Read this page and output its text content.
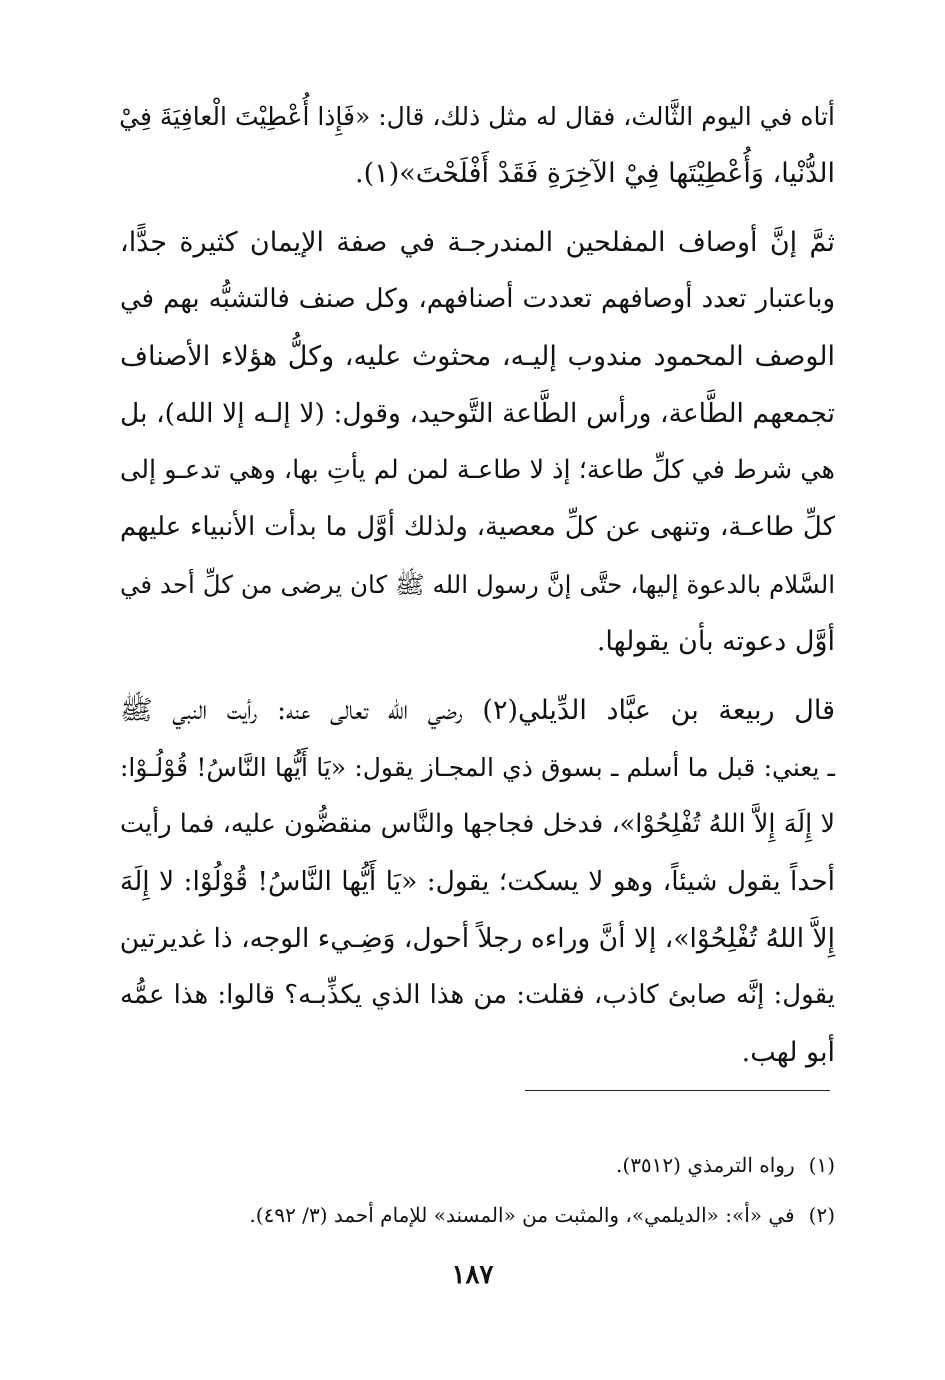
أتاه في اليوم الثَّالث، فقال له مثل ذلك، قال: «فَإِذا أُعْطِيْتَ الْعافِيَةَ فِيْ
الدُّنْيا، وَأُعْطِيْتَها فِيْ الآخِرَةِ فَقَدْ أَفْلَحْتَ»(١).
ثمَّ إنَّ أوصاف المفلحين المندرجـة في صفة الإيمان كثيرة جدًّا،
وباعتبار تعدد أوصافهم تعددت أصنافهم، وكل صنف فالتشبُّه بهم في
الوصف المحمود مندوب إليـه، محثوث عليه، وكلُّ هؤلاء الأصناف
تجمعهم الطَّاعة، ورأس الطَّاعة التَّوحيد، وقول: (لا إلـه إلا الله)، بل
هي شرط في كلِّ طاعة؛ إذ لا طاعـة لمن لم يأتِ بها، وهي تدعـو إلى
كلِّ طاعـة، وتنهى عن كلِّ معصية، ولذلك أوَّل ما بدأت الأنبياء عليهم
السَّلام بالدعوة إليها، حتَّى إنَّ رسول الله ﷺ كان يرضى من كلِّ أحد في
أوَّل دعوته بأن يقولها.
قال ربيعة بن عبَّاد الدِّيلي(٢) رضي الله تعالى عنه: رأيت النبي ﷺ
ـ يعني: قبل ما أسلم ـ بسوق ذي المجـاز يقول: «يَا أَيُّها النَّاسُ! قُوْلُـوْا:
لا إِلَهَ إِلاَّ اللهُ تُفْلِحُوْا»، فدخل فجاجها والنَّاس منقضُّون عليه، فما رأيت
أحداً يقول شيئاً، وهو لا يسكت؛ يقول: «يَا أَيُّها النَّاسُ! قُوْلُوْا: لا إِلَهَ
إِلاَّ اللهُ تُفْلِحُوْا»، إلا أنَّ وراءه رجلاً أحول، وَضِـيء الوجه، ذا غديرتين
يقول: إنَّه صابئ كاذب، فقلت: من هذا الذي يكذِّبـه؟ قالوا: هذا عمُّه
أبو لهب.
(١)رواه الترمذي (٣٥١٢).
(٢)في «أ»: «الديلمي»، والمثبت من «المسند» للإمام أحمد (٣/ ٤٩٢).
١٨٧
